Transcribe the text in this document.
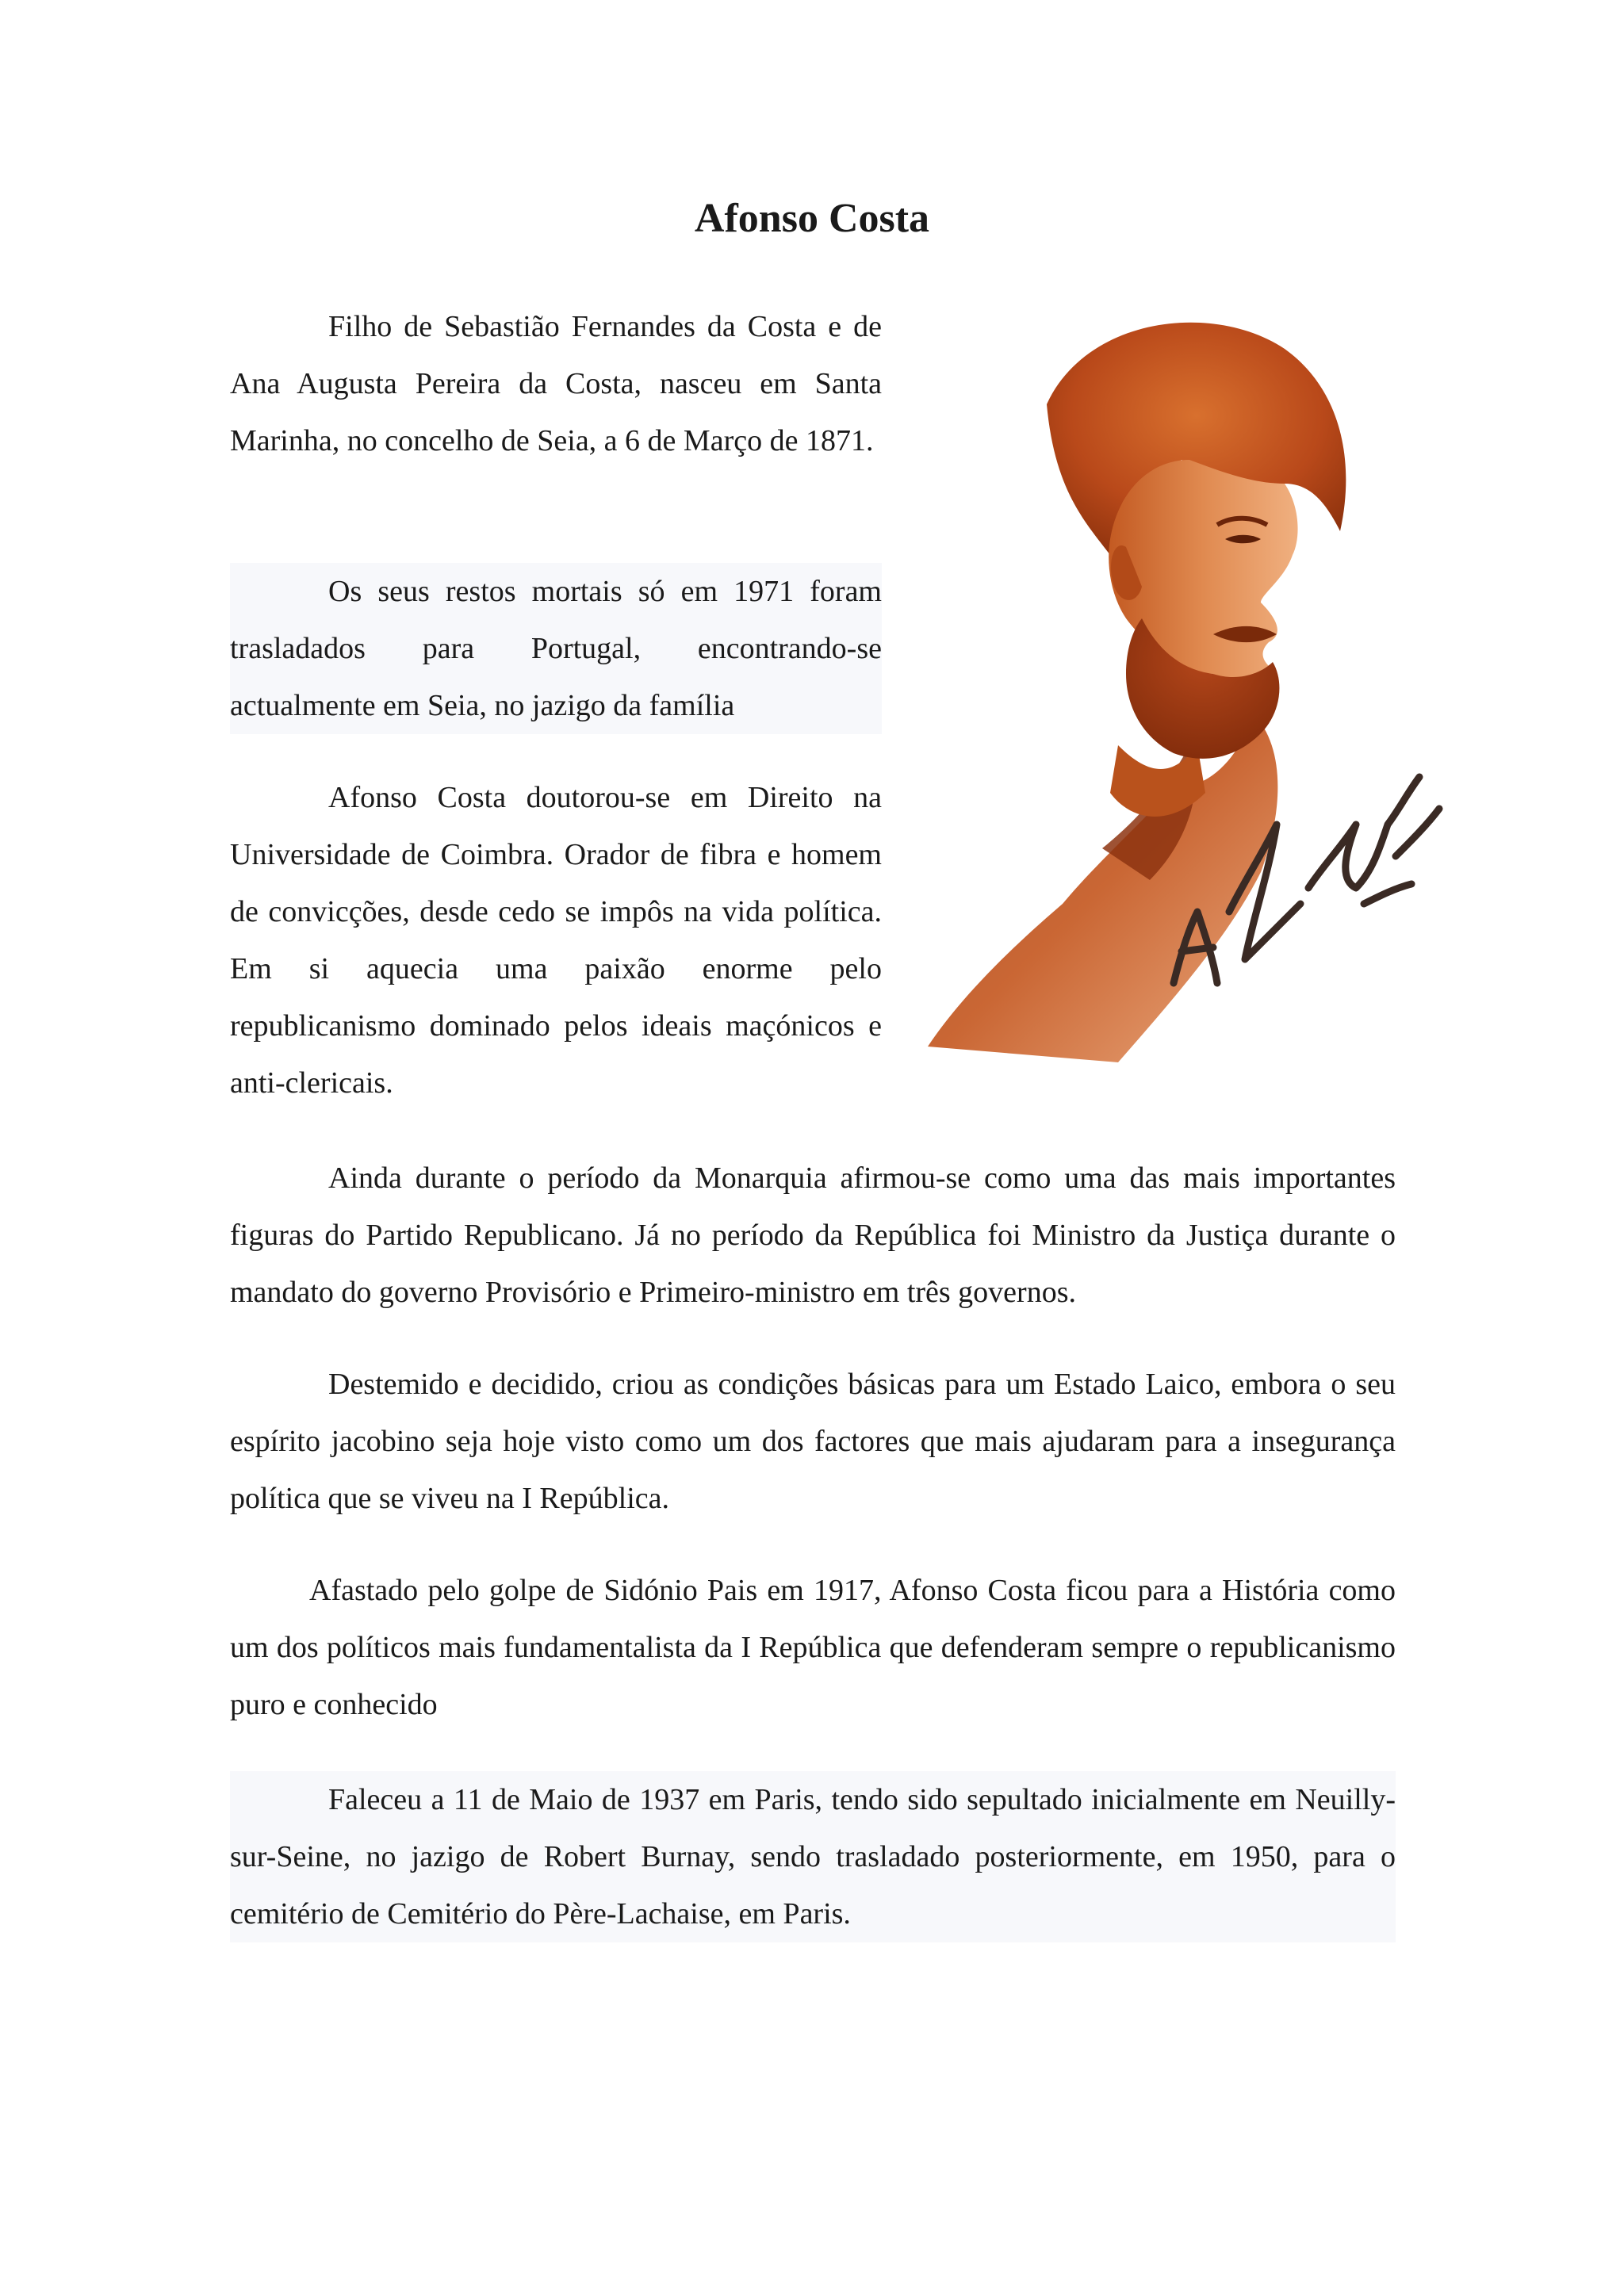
Afonso Costa

Filho de Sebastião Fernandes da Costa e de Ana Augusta Pereira da Costa, nasceu em Santa Marinha, no concelho de Seia, a 6 de Março de 1871.

Os seus restos mortais só em 1971 foram trasladados para Portugal, encontrando-se actualmente em Seia, no jazigo da família

Afonso Costa doutorou-se em Direito na Universidade de Coimbra. Orador de fibra e homem de convicções, desde cedo se impôs na vida política. Em si aquecia uma paixão enorme pelo republicanismo dominado pelos ideais maçónicos e anti-clericais.

Ainda durante o período da Monarquia afirmou-se como uma das mais importantes figuras do Partido Republicano. Já no período da República foi Ministro da Justiça durante o mandato do governo Provisório e Primeiro-ministro em três governos.

Destemido e decidido, criou as condições básicas para um Estado Laico, embora o seu espírito jacobino seja hoje visto como um dos factores que mais ajudaram para a insegurança política que se viveu na I República.

Afastado pelo golpe de Sidónio Pais em 1917, Afonso Costa ficou para a História como um dos políticos mais fundamentalista da I República que defenderam sempre o republicanismo puro e conhecido

Faleceu a 11 de Maio de 1937 em Paris, tendo sido sepultado inicialmente em Neuilly-sur-Seine, no jazigo de Robert Burnay, sendo trasladado posteriormente, em 1950, para o cemitério de Cemitério do Père-Lachaise, em Paris.
